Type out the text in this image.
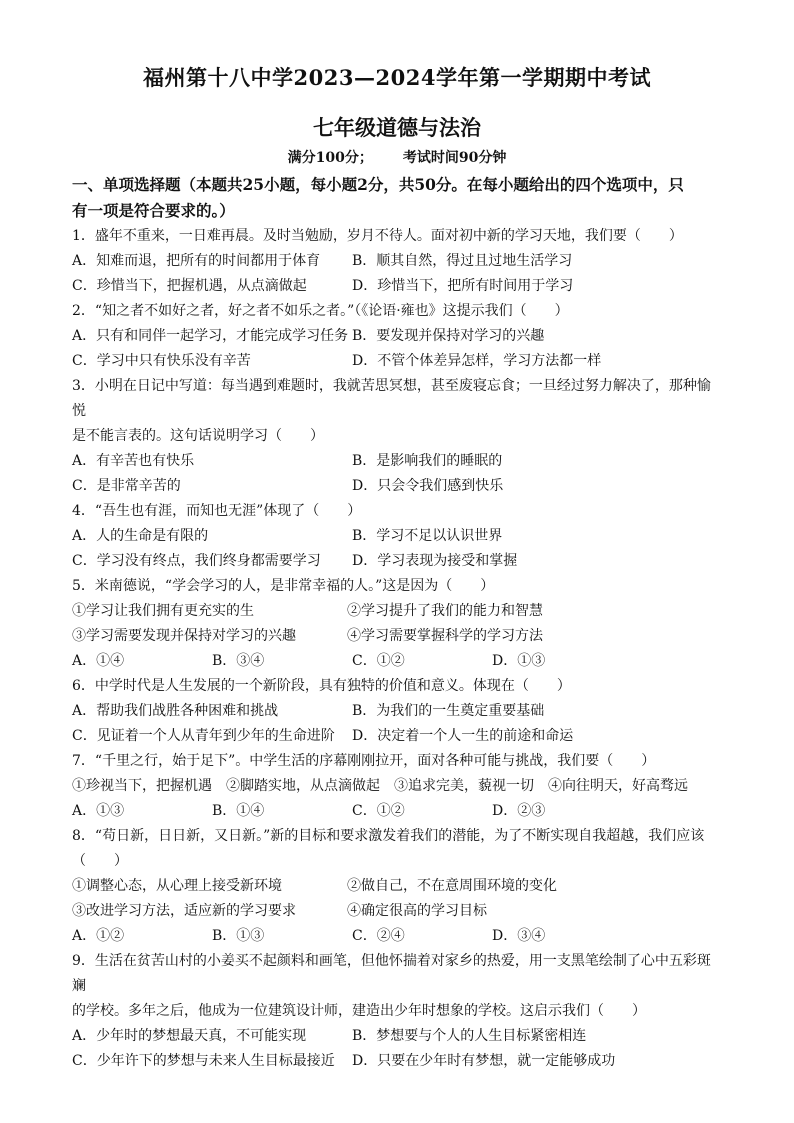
福州第十八中学2023—2024学年第一学期期中考试
七年级道德与法治
满分100分； 考试时间90分钟

一、单项选择题（本题共25小题，每小题2分，共50分。在每小题给出的四个选项中，只

有一项是符合要求的。）

1．盛年不重来，一日难再晨。及时当勉励，岁月不待人。面对初中新的学习天地，我们要（　　）

A．知难而退，把所有的时间都用于体育	B．顺其自然，得过且过地生活学习
C．珍惜当下，把握机遇，从点滴做起	D．珍惜当下，把所有时间用于学习

2．“知之者不如好之者，好之者不如乐之者。”（《论语·雍也》这提示我们（　　）

A．只有和同伴一起学习，才能完成学习任务 B．要发现并保持对学习的兴趣
C．学习中只有快乐没有辛苦	D．不管个体差异怎样，学习方法都一样

3．小明在日记中写道：每当遇到难题时，我就苦思冥想，甚至废寝忘食；一旦经过努力解决了，那种愉悦

是不能言表的。这句话说明学习（　　）

A．有辛苦也有快乐	B．是影响我们的睡眠的
C．是非常辛苦的	D．只会令我们感到快乐

4．“吾生也有涯，而知也无涯”体现了（　　）

A．人的生命是有限的	B．学习不足以认识世界
C．学习没有终点，我们终身都需要学习	D．学习表现为接受和掌握

5．米南德说，“学会学习的人，是非常幸福的人。”这是因为（　　）

①学习让我们拥有更充实的生	②学习提升了我们的能力和智慧
③学习需要发现并保持对学习的兴趣	④学习需要掌握科学的学习方法
A．①④	B．③④	C．①②	D．①③

6．中学时代是人生发展的一个新阶段，具有独特的价值和意义。体现在（　　）

A．帮助我们战胜各种困难和挑战	B．为我们的一生奠定重要基础
C．见证着一个人从青年到少年的生命进阶	D．决定着一个人一生的前途和命运

7．“千里之行，始于足下”。中学生活的序幕刚刚拉开，面对各种可能与挑战，我们要（　　）

①珍视当下，把握机遇　②脚踏实地，从点滴做起　③追求完美，藐视一切　④向往明天，好高骛远

A．①③	B．①④	C．①②	D．②③

8．“苟日新，日日新，又日新。”新的目标和要求激发着我们的潜能，为了不断实现自我超越，我们应该

（　　）

①调整心态，从心理上接受新环境	②做自己，不在意周围环境的变化
③改进学习方法，适应新的学习要求	④确定很高的学习目标
A．①②	B．①③	C．②④	D．③④

9．生活在贫苦山村的小姜买不起颜料和画笔，但他怀揣着对家乡的热爱，用一支黑笔绘制了心中五彩斑斓

的学校。多年之后，他成为一位建筑设计师，建造出少年时想象的学校。这启示我们（　　）

A．少年时的梦想最天真，不可能实现	B．梦想要与个人的人生目标紧密相连
C．少年许下的梦想与未来人生目标最接近	D．只要在少年时有梦想，就一定能够成功
